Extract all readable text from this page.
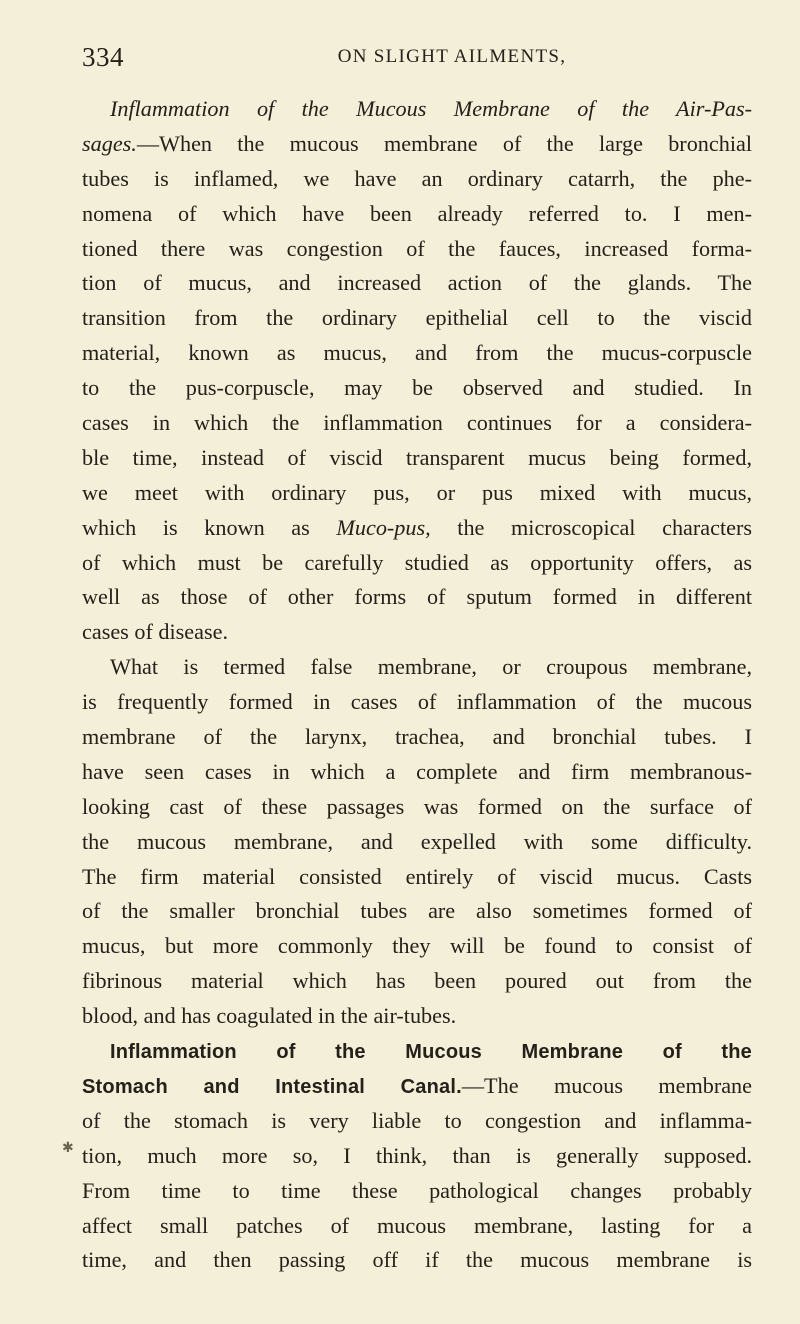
334	ON SLIGHT AILMENTS,
Inflammation of the Mucous Membrane of the Air-Pas-
sages.—When the mucous membrane of the large bronchial
tubes is inflamed, we have an ordinary catarrh, the phe-
nomena of which have been already referred to. I men-
tioned there was congestion of the fauces, increased forma-
tion of mucus, and increased action of the glands. The
transition from the ordinary epithelial cell to the viscid
material, known as mucus, and from the mucus-corpuscle
to the pus-corpuscle, may be observed and studied. In
cases in which the inflammation continues for a considera-
ble time, instead of viscid transparent mucus being formed,
we meet with ordinary pus, or pus mixed with mucus,
which is known as Muco-pus, the microscopical characters
of which must be carefully studied as opportunity offers, as
well as those of other forms of sputum formed in different
cases of disease.
What is termed false membrane, or croupous membrane,
is frequently formed in cases of inflammation of the mucous
membrane of the larynx, trachea, and bronchial tubes. I
have seen cases in which a complete and firm membranous-
looking cast of these passages was formed on the surface of
the mucous membrane, and expelled with some difficulty.
The firm material consisted entirely of viscid mucus. Casts
of the smaller bronchial tubes are also sometimes formed of
mucus, but more commonly they will be found to consist of
fibrinous material which has been poured out from the
blood, and has coagulated in the air-tubes.
Inflammation of the Mucous Membrane of the
Stomach and Intestinal Canal.—The mucous membrane
of the stomach is very liable to congestion and inflamma-
tion, much more so, I think, than is generally supposed.
From time to time these pathological changes probably
affect small patches of mucous membrane, lasting for a
time, and then passing off if the mucous membrane is
✱
